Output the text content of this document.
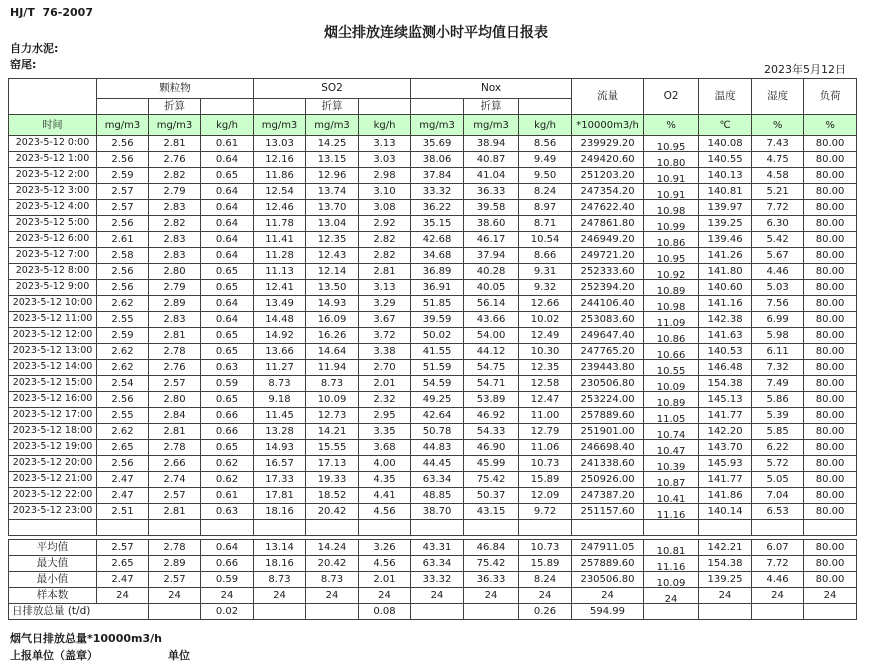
HJ/T  76-2007
烟尘排放连续监测小时平均值日报表
自力水泥:
窑尾:	2023年5月12日
	颗粒物			SO2			Nox			流量	O2	温度	湿度	负荷
		折算			折算			折算						
时间	mg/m3	mg/m3	kg/h	mg/m3	mg/m3	kg/h	mg/m3	mg/m3	kg/h	*10000m3/h	%	℃	%	%
2023-5-12 0:00	2.56	2.81	0.61	13.03	14.25	3.13	35.69	38.94	8.56	239929.20	10.95	140.08	7.43	80.00
2023-5-12 1:00	2.56	2.76	0.64	12.16	13.15	3.03	38.06	40.87	9.49	249420.60	10.80	140.55	4.75	80.00
2023-5-12 2:00	2.59	2.82	0.65	11.86	12.96	2.98	37.84	41.04	9.50	251203.20	10.91	140.13	4.58	80.00
2023-5-12 3:00	2.57	2.79	0.64	12.54	13.74	3.10	33.32	36.33	8.24	247354.20	10.91	140.81	5.21	80.00
2023-5-12 4:00	2.57	2.83	0.64	12.46	13.70	3.08	36.22	39.58	8.97	247622.40	10.98	139.97	7.72	80.00
2023-5-12 5:00	2.56	2.82	0.64	11.78	13.04	2.92	35.15	38.60	8.71	247861.80	10.99	139.25	6.30	80.00
2023-5-12 6:00	2.61	2.83	0.64	11.41	12.35	2.82	42.68	46.17	10.54	246949.20	10.86	139.46	5.42	80.00
2023-5-12 7:00	2.58	2.83	0.64	11.28	12.43	2.82	34.68	37.94	8.66	249721.20	10.95	141.26	5.67	80.00
2023-5-12 8:00	2.56	2.80	0.65	11.13	12.14	2.81	36.89	40.28	9.31	252333.60	10.92	141.80	4.46	80.00
2023-5-12 9:00	2.56	2.79	0.65	12.41	13.50	3.13	36.91	40.05	9.32	252394.20	10.89	140.60	5.03	80.00
2023-5-12 10:00	2.62	2.89	0.64	13.49	14.93	3.29	51.85	56.14	12.66	244106.40	10.98	141.16	7.56	80.00
2023-5-12 11:00	2.55	2.83	0.64	14.48	16.09	3.67	39.59	43.66	10.02	253083.60	11.09	142.38	6.99	80.00
2023-5-12 12:00	2.59	2.81	0.65	14.92	16.26	3.72	50.02	54.00	12.49	249647.40	10.86	141.63	5.98	80.00
2023-5-12 13:00	2.62	2.78	0.65	13.66	14.64	3.38	41.55	44.12	10.30	247765.20	10.66	140.53	6.11	80.00
2023-5-12 14:00	2.62	2.76	0.63	11.27	11.94	2.70	51.59	54.75	12.35	239443.80	10.55	146.48	7.32	80.00
2023-5-12 15:00	2.54	2.57	0.59	8.73	8.73	2.01	54.59	54.71	12.58	230506.80	10.09	154.38	7.49	80.00
2023-5-12 16:00	2.56	2.80	0.65	9.18	10.09	2.32	49.25	53.89	12.47	253224.00	10.89	145.13	5.86	80.00
2023-5-12 17:00	2.55	2.84	0.66	11.45	12.73	2.95	42.64	46.92	11.00	257889.60	11.05	141.77	5.39	80.00
2023-5-12 18:00	2.62	2.81	0.66	13.28	14.21	3.35	50.78	54.33	12.79	251901.00	10.74	142.20	5.85	80.00
2023-5-12 19:00	2.65	2.78	0.65	14.93	15.55	3.68	44.83	46.90	11.06	246698.40	10.47	143.70	6.22	80.00
2023-5-12 20:00	2.56	2.66	0.62	16.57	17.13	4.00	44.45	45.99	10.73	241338.60	10.39	145.93	5.72	80.00
2023-5-12 21:00	2.47	2.74	0.62	17.33	19.33	4.35	63.34	75.42	15.89	250926.00	10.87	141.77	5.05	80.00
2023-5-12 22:00	2.47	2.57	0.61	17.81	18.52	4.41	48.85	50.37	12.09	247387.20	10.41	141.86	7.04	80.00
2023-5-12 23:00	2.51	2.81	0.63	18.16	20.42	4.56	38.70	43.15	9.72	251157.60	11.16	140.14	6.53	80.00

平均值	2.57	2.78	0.64	13.14	14.24	3.26	43.31	46.84	10.73	247911.05	10.81	142.21	6.07	80.00
最大值	2.65	2.89	0.66	18.16	20.42	4.56	63.34	75.42	15.89	257889.60	11.16	154.38	7.72	80.00
最小值	2.47	2.57	0.59	8.73	8.73	2.01	33.32	36.33	8.24	230506.80	10.09	139.25	4.46	80.00
样本数	24	24	24	24	24	24	24	24	24	24	24	24	24	24
日排放总量 (t/d)			0.02			0.08			0.26	594.99				
烟气日排放总量*10000m3/h
上报单位（盖章）	单位
